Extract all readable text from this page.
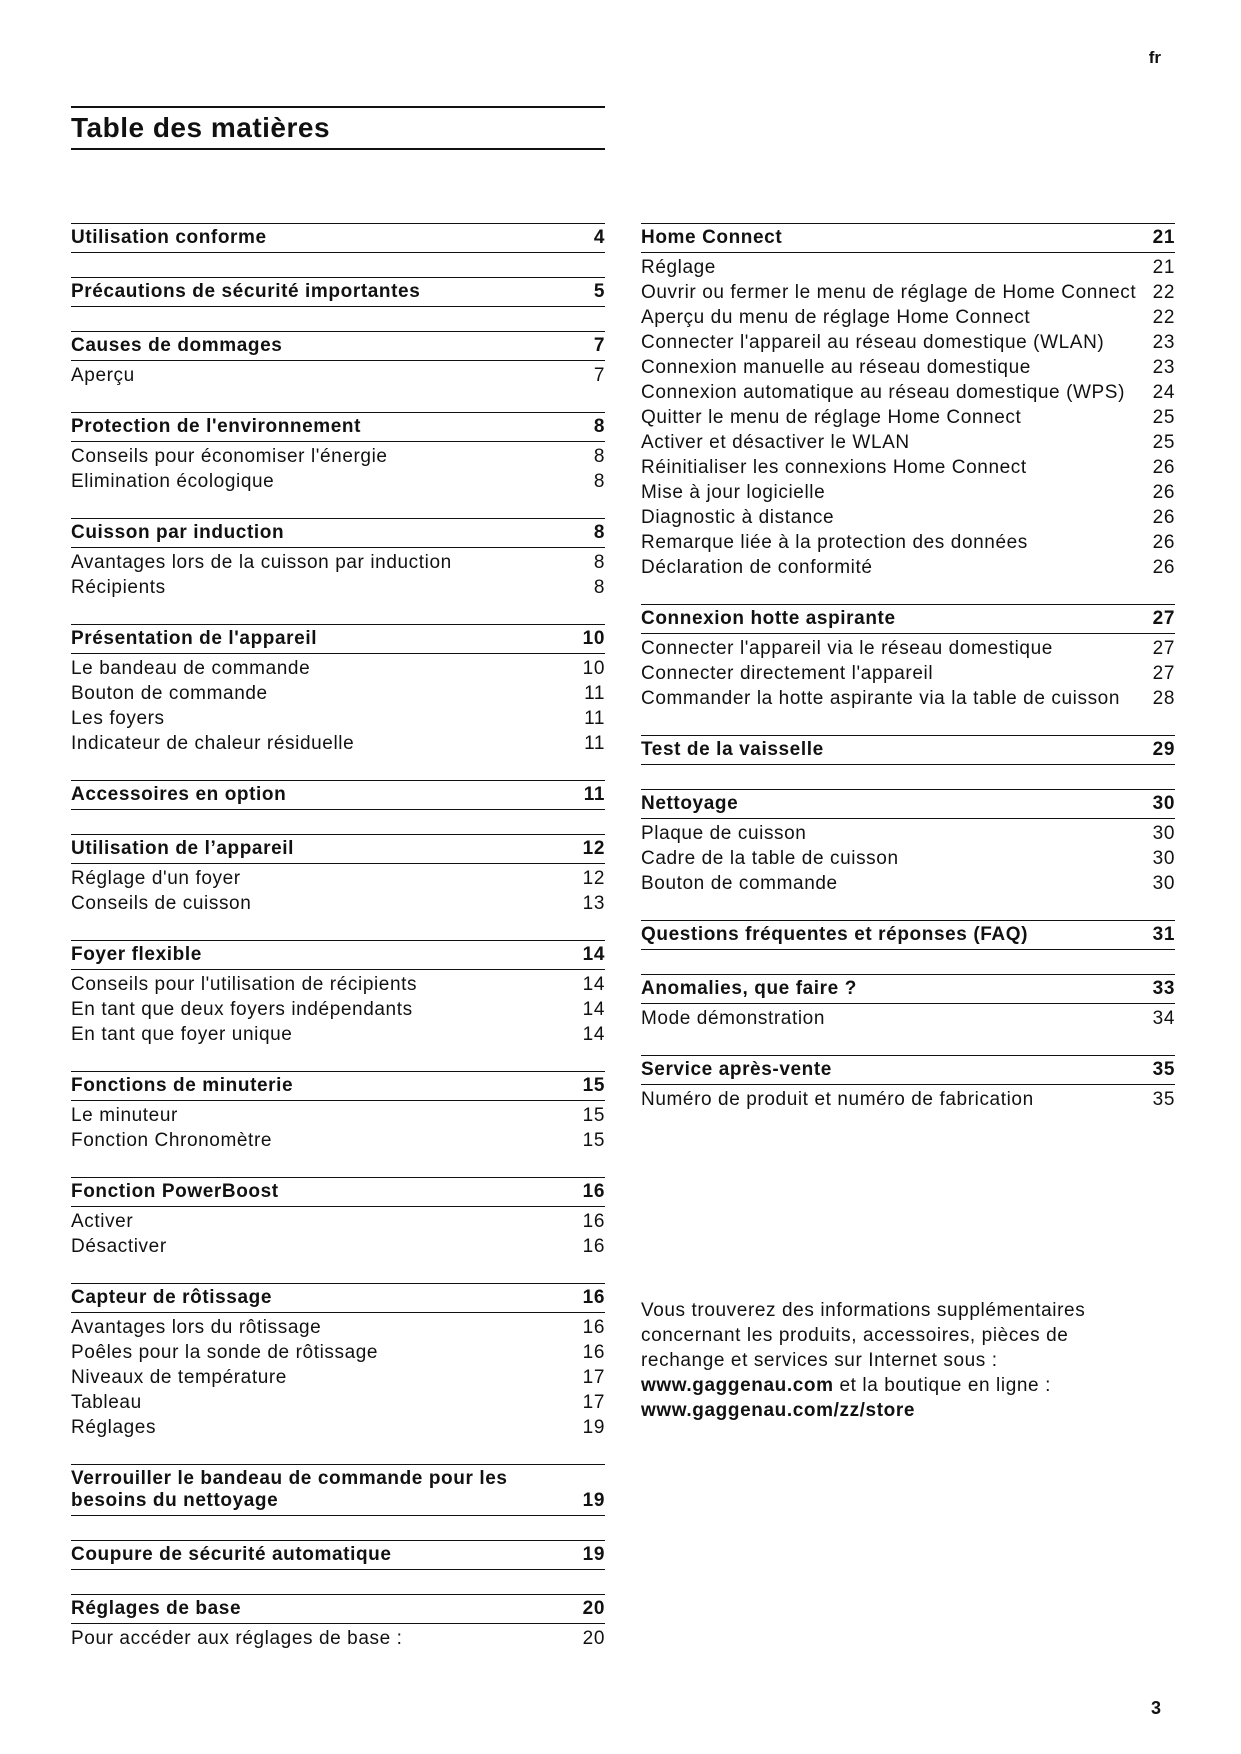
fr
Table des matières
Utilisation conforme	4
Précautions de sécurité importantes	5
Causes de dommages	7
Aperçu	7
Protection de l'environnement	8
Conseils pour économiser l'énergie	8
Elimination écologique	8
Cuisson par induction	8
Avantages lors de la cuisson par induction	8
Récipients	8
Présentation de l'appareil	10
Le bandeau de commande	10
Bouton de commande	11
Les foyers	11
Indicateur de chaleur résiduelle	11
Accessoires en option	11
Utilisation de l’appareil	12
Réglage d'un foyer	12
Conseils de cuisson	13
Foyer flexible	14
Conseils pour l'utilisation de récipients	14
En tant que deux foyers indépendants	14
En tant que foyer unique	14
Fonctions de minuterie	15
Le minuteur	15
Fonction Chronomètre	15
Fonction PowerBoost	16
Activer	16
Désactiver	16
Capteur de rôtissage	16
Avantages lors du rôtissage	16
Poêles pour la sonde de rôtissage	16
Niveaux de température	17
Tableau	17
Réglages	19
Verrouiller le bandeau de commande pour les besoins du nettoyage	19
Coupure de sécurité automatique	19
Réglages de base	20
Pour accéder aux réglages de base :	20
Home Connect	21
Réglage	21
Ouvrir ou fermer le menu de réglage de Home Connect 22
Aperçu du menu de réglage Home Connect	22
Connecter l'appareil au réseau domestique (WLAN)	23
Connexion manuelle au réseau domestique	23
Connexion automatique au réseau domestique (WPS)	24
Quitter le menu de réglage Home Connect	25
Activer et désactiver le WLAN	25
Réinitialiser les connexions Home Connect	26
Mise à jour logicielle	26
Diagnostic à distance	26
Remarque liée à la protection des données	26
Déclaration de conformité	26
Connexion hotte aspirante	27
Connecter l'appareil via le réseau domestique	27
Connecter directement l'appareil	27
Commander la hotte aspirante via la table de cuisson	28
Test de la vaisselle	29
Nettoyage	30
Plaque de cuisson	30
Cadre de la table de cuisson	30
Bouton de commande	30
Questions fréquentes et réponses (FAQ)	31
Anomalies, que faire ?	33
Mode démonstration	34
Service après-vente	35
Numéro de produit et numéro de fabrication	35
Vous trouverez des informations supplémentaires concernant les produits, accessoires, pièces de rechange et services sur Internet sous : www.gaggenau.com et la boutique en ligne : www.gaggenau.com/zz/store
3
